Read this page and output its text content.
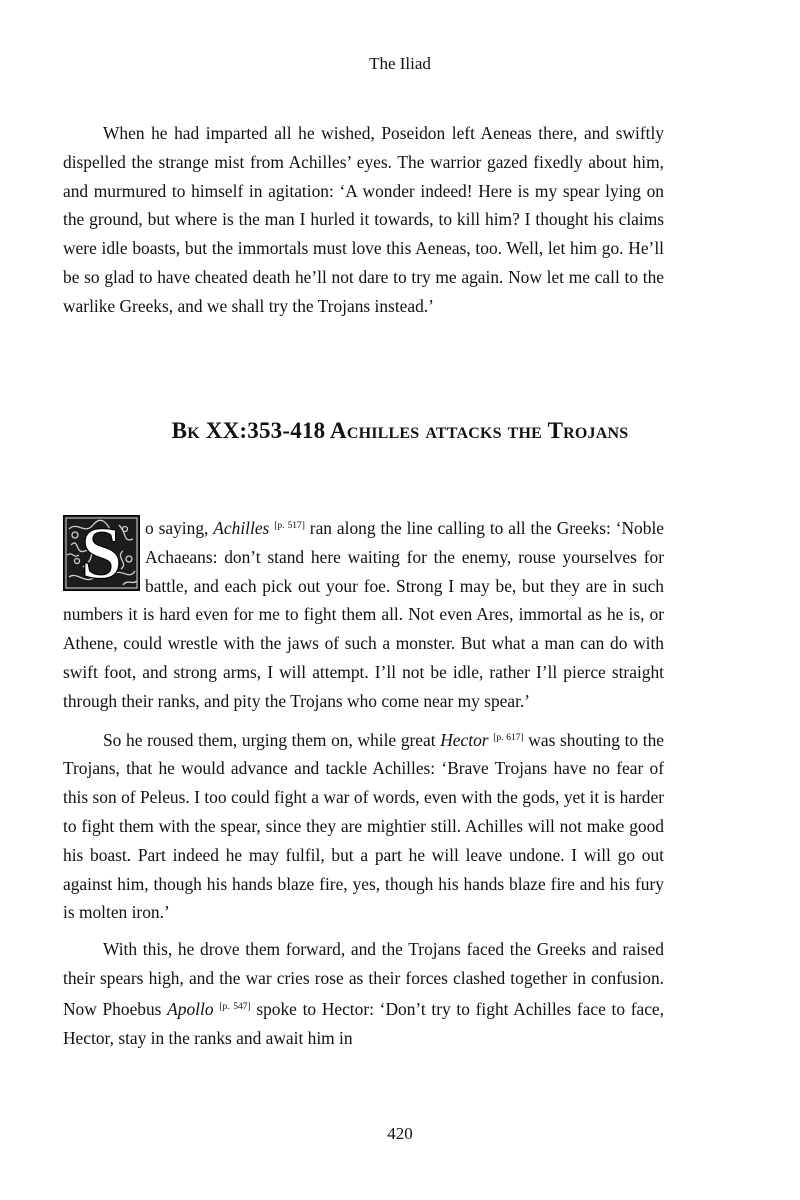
The Iliad

When he had imparted all he wished, Poseidon left Aeneas there, and swiftly dispelled the strange mist from Achilles’ eyes. The warrior gazed fixedly about him, and murmured to himself in agitation: ‘A wonder indeed! Here is my spear lying on the ground, but where is the man I hurled it towards, to kill him? I thought his claims were idle boasts, but the immortals must love this Aeneas, too. Well, let him go. He’ll be so glad to have cheated death he’ll not dare to try me again. Now let me call to the warlike Greeks, and we shall try the Trojans instead.’

Bk XX:353-418 Achilles attacks the Trojans

S o saying, Achilles [p. 517] ran along the line calling to all the Greeks: ‘Noble Achaeans: don’t stand here waiting for the enemy, rouse yourselves for battle, and each pick out your foe. Strong I may be, but they are in such numbers it is hard even for me to fight them all. Not even Ares, immortal as he is, or Athene, could wrestle with the jaws of such a monster. But what a man can do with swift foot, and strong arms, I will attempt. I’ll not be idle, rather I’ll pierce straight through their ranks, and pity the Trojans who come near my spear.’

So he roused them, urging them on, while great Hector [p. 617] was shouting to the Trojans, that he would advance and tackle Achilles: ‘Brave Trojans have no fear of this son of Peleus. I too could fight a war of words, even with the gods, yet it is harder to fight them with the spear, since they are mightier still. Achilles will not make good his boast. Part indeed he may fulfil, but a part he will leave undone. I will go out against him, though his hands blaze fire, yes, though his hands blaze fire and his fury is molten iron.’

With this, he drove them forward, and the Trojans faced the Greeks and raised their spears high, and the war cries rose as their forces clashed together in confusion. Now Phoebus Apollo [p. 547] spoke to Hector: ‘Don’t try to fight Achilles face to face, Hector, stay in the ranks and await him in

420
